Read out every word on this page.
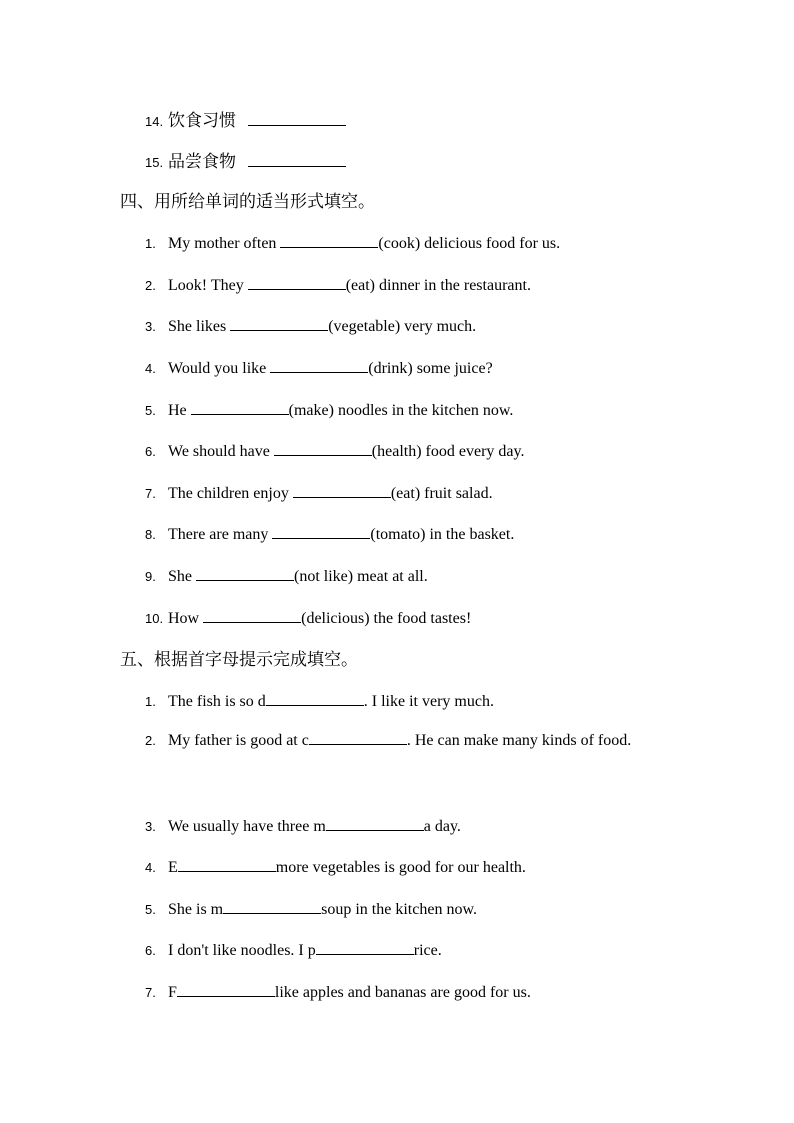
14. 饮食习惯
15. 品尝食物
四、用所给单词的适当形式填空。
1. My mother often	(cook) delicious food for us.
2. Look! They	(eat) dinner in the restaurant.
3. She likes	(vegetable) very much.
4. Would you like	(drink) some juice?
5. He	(make) noodles in the kitchen now.
6. We should have	(health) food every day.
7. The children enjoy	(eat) fruit salad.
8. There are many	(tomato) in the basket.
9. She	(not like) meat at all.
10. How	(delicious) the food tastes!
五、根据首字母提示完成填空。
1. The fish is so d	. I like it very much.
2. My father is good at c	. He can make many kinds of food.
3. We usually have three m	a day.
4. E	more vegetables is good for our health.
5. She is m	soup in the kitchen now.
6. I don't like noodles. I p	rice.
7. F	like apples and bananas are good for us.
